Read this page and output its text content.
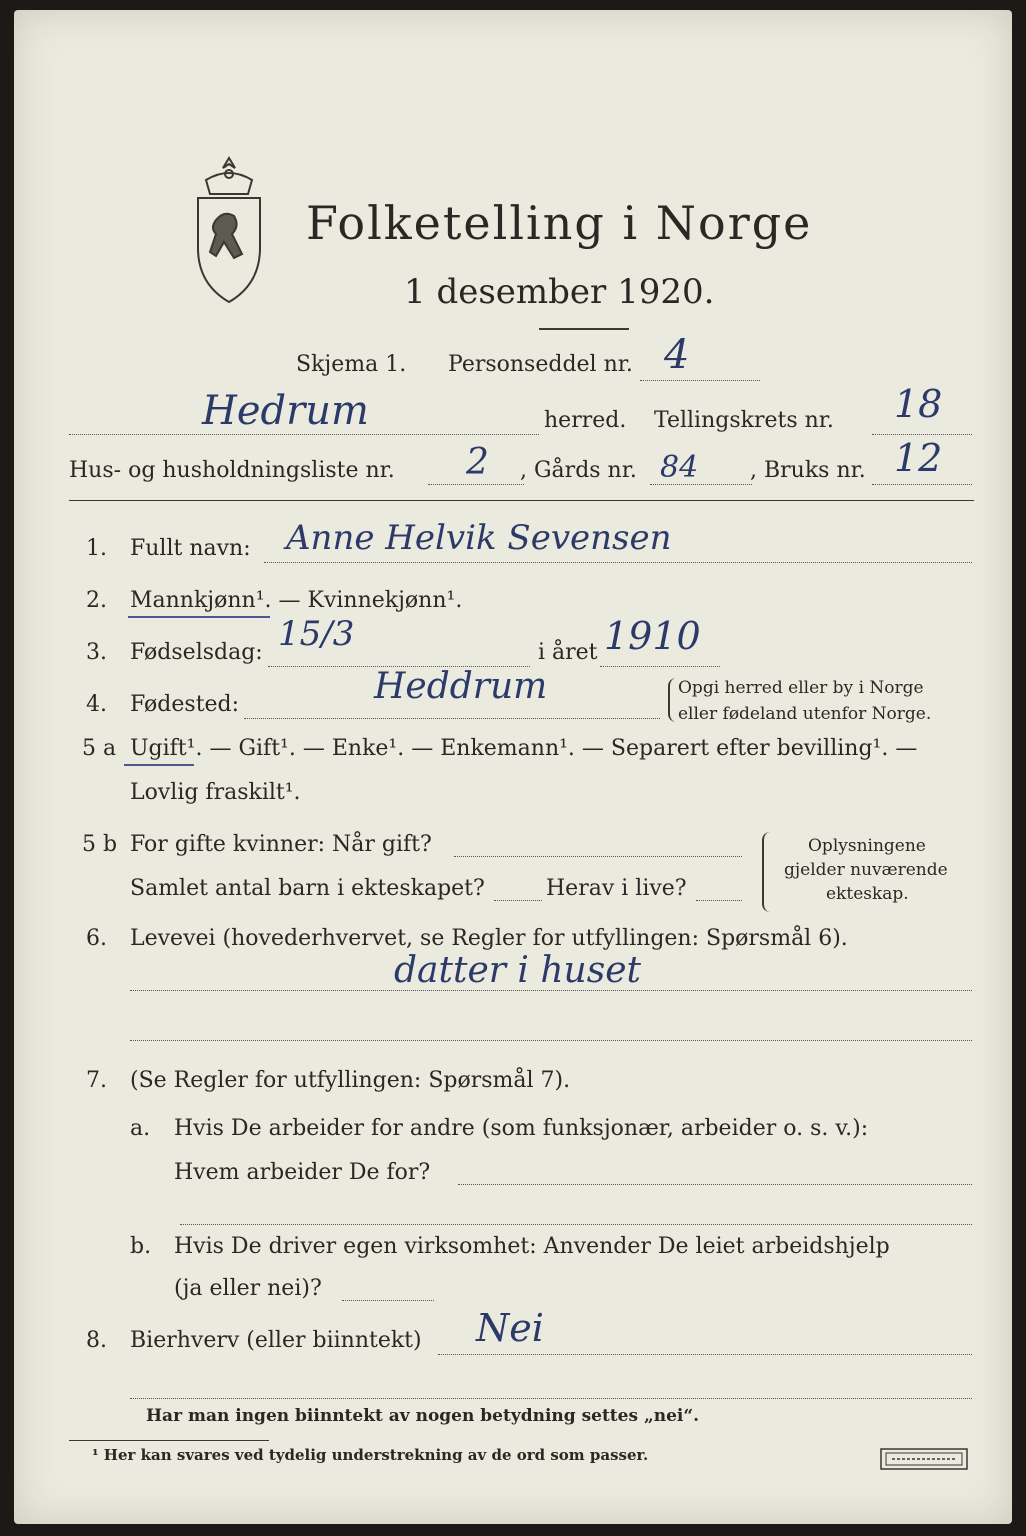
Folketelling i Norge
1 desember 1920.
Skjema 1. Personseddel nr. 4
Hedrum	herred. Tellingskrets nr. 18
Hus- og husholdningsliste nr. 2 , Gårds nr. 84 , Bruks nr. 12
1. Fullt navn: Anne Helvik Sevensen
2. Mannkjønn¹. — Kvinnekjønn¹.
3. Fødselsdag: 15/3	i året 1910
4. Fødested:	Heddrum	Opgi herred eller by i Norge
eller fødeland utenfor Norge.
5 a Ugift¹. — Gift¹. — Enke¹. — Enkemann¹. — Separert efter bevilling¹. —
Lovlig fraskilt¹.
5 b For gifte kvinner: Når gift?
Samlet antal barn i ekteskapet?	Herav i live?
Oplysningene
gjelder nuværende
ekteskap.
6. Levevei (hovederhvervet, se Regler for utfyllingen: Spørsmål 6).
datter i huset
7. (Se Regler for utfyllingen: Spørsmål 7).
a. Hvis De arbeider for andre (som funksjonær, arbeider o. s. v.):
Hvem arbeider De for?
b. Hvis De driver egen virksomhet: Anvender De leiet arbeidshjelp
(ja eller nei)?
8. Bierhverv (eller biinntekt) Nei
Har man ingen biinntekt av nogen betydning settes „nei“.
¹ Her kan svares ved tydelig understrekning av de ord som passer.
